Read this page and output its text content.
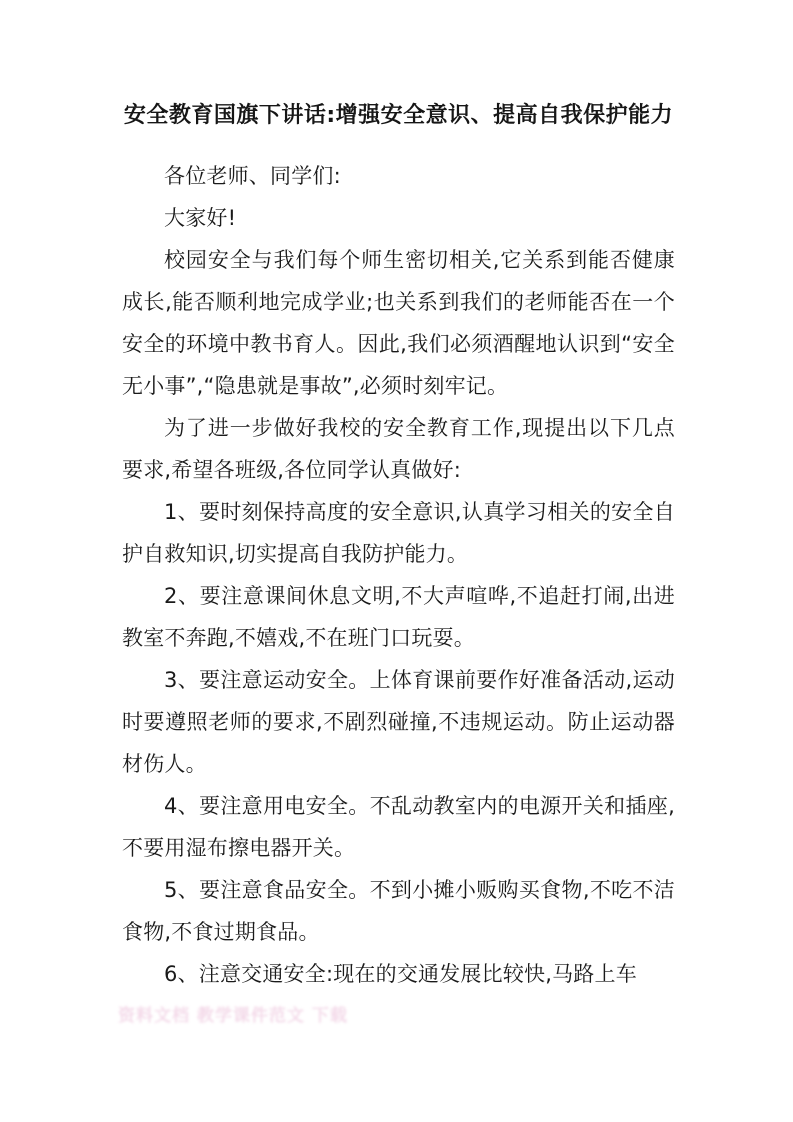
安全教育国旗下讲话:增强安全意识、提高自我保护能力

各位老师、同学们:

大家好!

校园安全与我们每个师生密切相关,它关系到能否健康成长,能否顺利地完成学业;也关系到我们的老师能否在一个安全的环境中教书育人。因此,我们必须酒醒地认识到“安全无小事”,“隐患就是事故”,必须时刻牢记。

为了进一步做好我校的安全教育工作,现提出以下几点要求,希望各班级,各位同学认真做好:

1、要时刻保持高度的安全意识,认真学习相关的安全自护自救知识,切实提高自我防护能力。

2、要注意课间休息文明,不大声喧哗,不追赶打闹,出进教室不奔跑,不嬉戏,不在班门口玩耍。

3、要注意运动安全。上体育课前要作好准备活动,运动时要遵照老师的要求,不剧烈碰撞,不违规运动。防止运动器材伤人。

4、要注意用电安全。不乱动教室内的电源开关和插座,不要用湿布擦电器开关。

5、要注意食品安全。不到小摊小贩购买食物,不吃不洁食物,不食过期食品。

6、注意交通安全:现在的交通发展比较快,马路上车

资料文档 教学课件范文 下载
